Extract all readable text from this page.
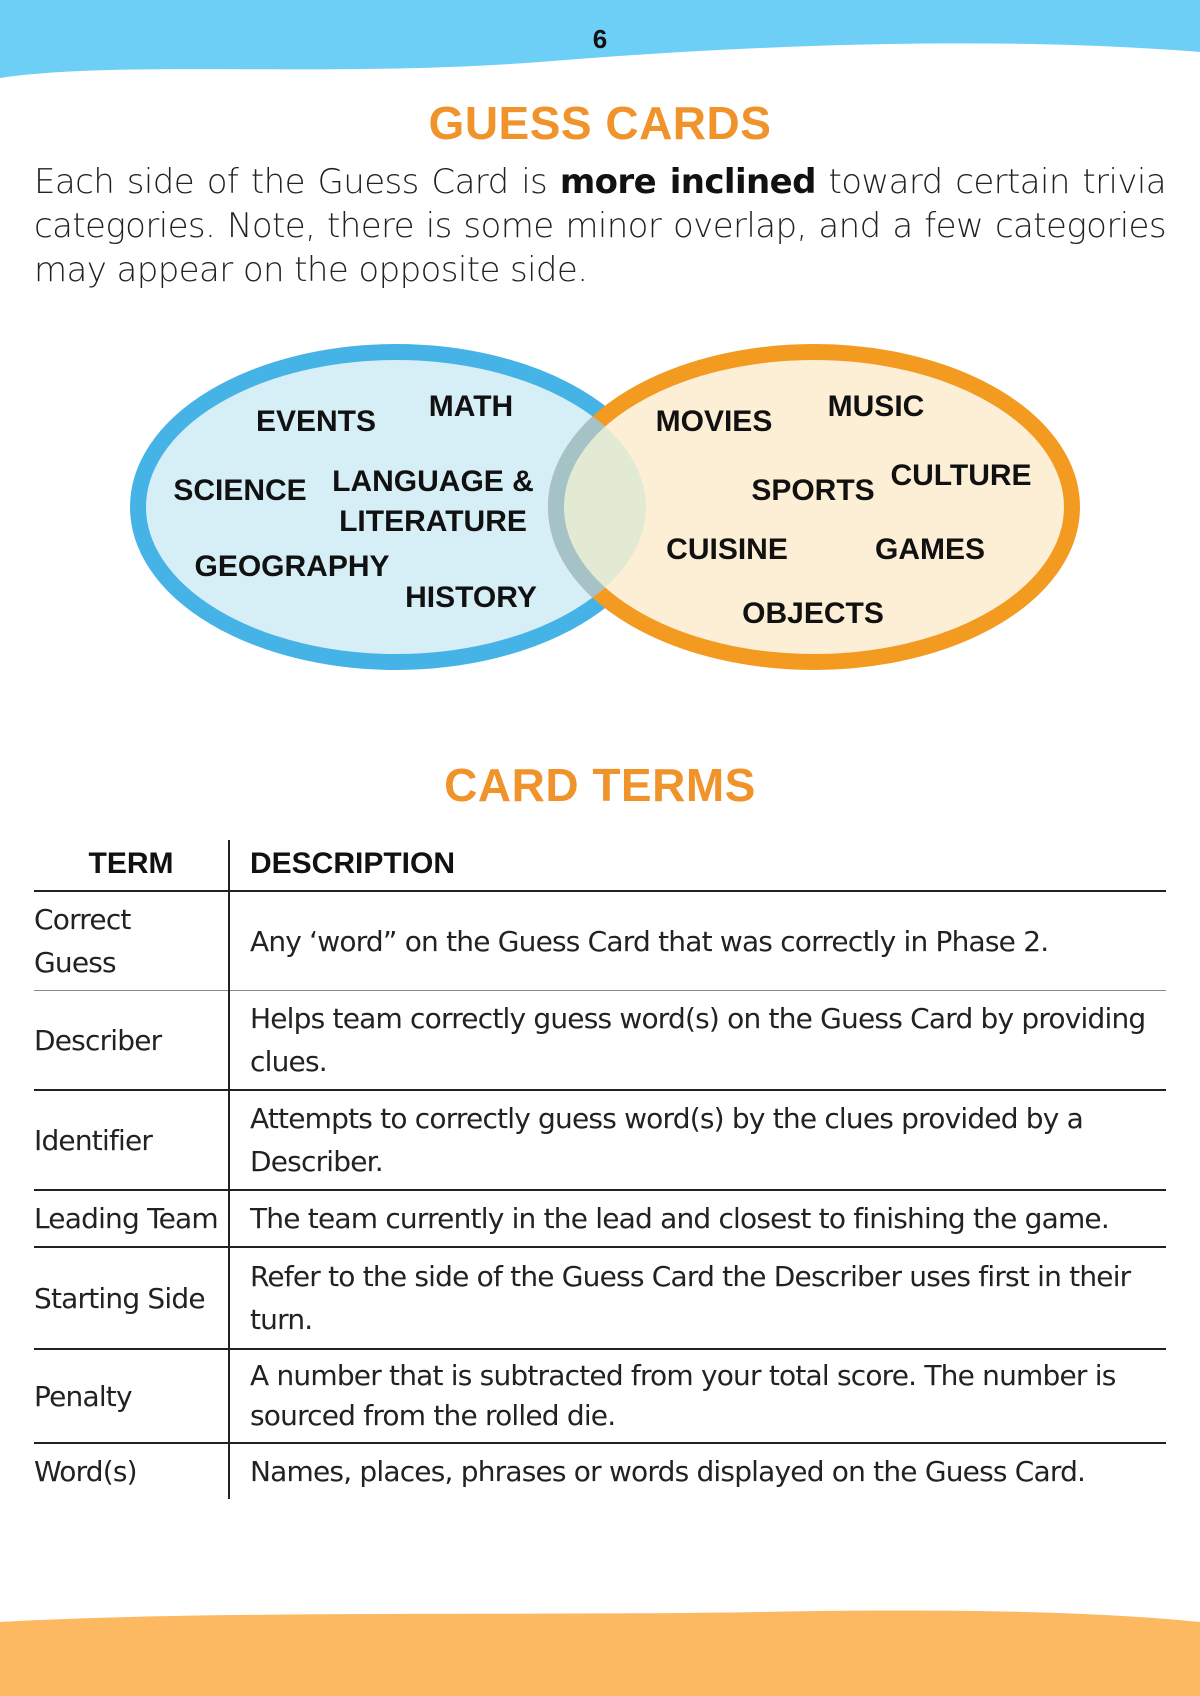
6
GUESS CARDS

Each side of the Guess Card is more inclined toward certain trivia categories. Note, there is some minor overlap, and a few categories may appear on the opposite side.

EVENTS MATH
SCIENCE LANGUAGE &
LITERATURE
GEOGRAPHY
HISTORY
MOVIES MUSIC
SPORTS CULTURE
CUISINE	GAMES
OBJECTS
CARD TERMS
TERM	DESCRIPTION
Correct Guess	Any ‘word” on the Guess Card that was correctly in Phase 2.
Describer	Helps team correctly guess word(s) on the Guess Card by providing clues.
Identifier	Attempts to correctly guess word(s) by the clues provided by a Describer.
Leading Team	The team currently in the lead and closest to finishing the game.
Starting Side	Refer to the side of the Guess Card the Describer uses first in their turn.
Penalty	A number that is subtracted from your total score. The number is sourced from the rolled die.
Word(s)	Names, places, phrases or words displayed on the Guess Card.
